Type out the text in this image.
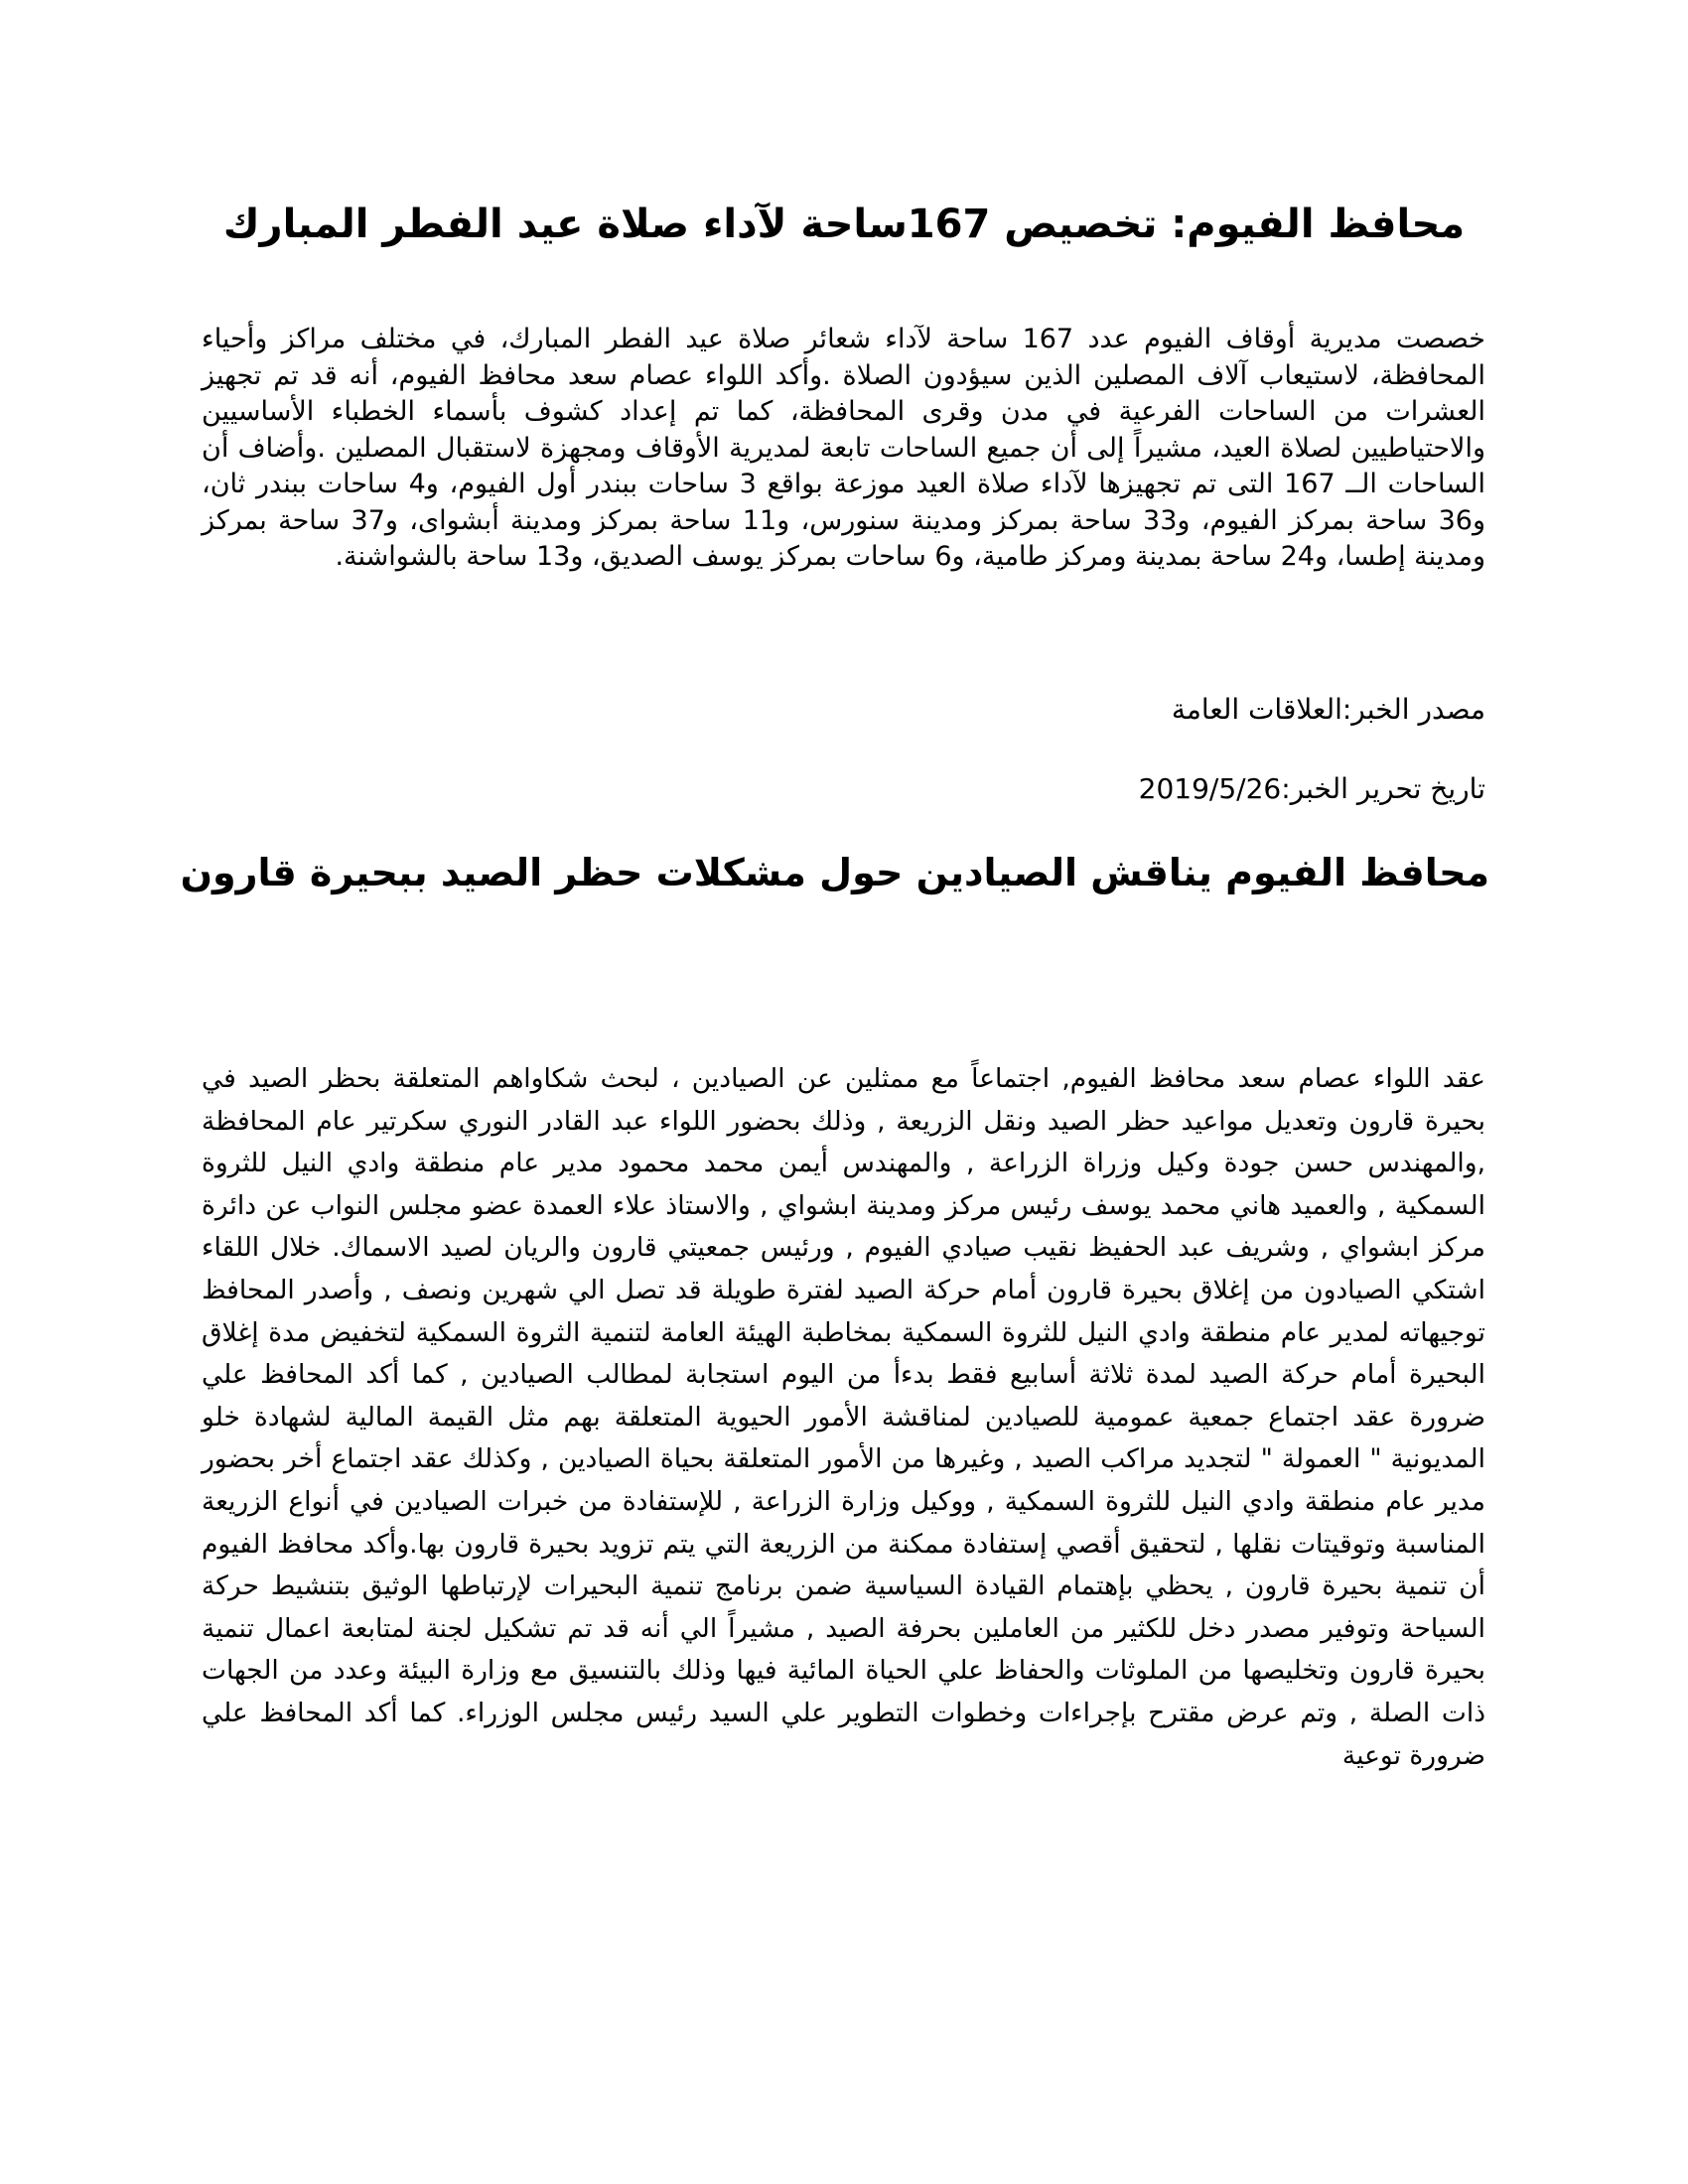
محافظ الفيوم: تخصيص 167ساحة لآداء صلاة عيد الفطر المبارك

خصصت مديرية أوقاف الفيوم عدد 167 ساحة لآداء شعائر صلاة عيد الفطر المبارك، في مختلف مراكز وأحياء المحافظة، لاستيعاب آلاف المصلين الذين سيؤدون الصلاة .وأكد اللواء عصام سعد محافظ الفيوم، أنه قد تم تجهيز العشرات من الساحات الفرعية في مدن وقرى المحافظة، كما تم إعداد كشوف بأسماء الخطباء الأساسيين والاحتياطيين لصلاة العيد، مشيراً إلى أن جميع الساحات تابعة لمديرية الأوقاف ومجهزة لاستقبال المصلين .وأضاف أن الساحات الــ 167 التى تم تجهيزها لآداء صلاة العيد موزعة بواقع 3 ساحات ببندر أول الفيوم، و4 ساحات ببندر ثان، و36 ساحة بمركز الفيوم، و33 ساحة بمركز ومدينة سنورس، و11 ساحة بمركز ومدينة أبشواى، و37 ساحة بمركز ومدينة إطسا، و24 ساحة بمدينة ومركز طامية، و6 ساحات بمركز يوسف الصديق، و13 ساحة بالشواشنة.

مصدر الخبر:العلاقات العامة

تاريخ تحرير الخبر:2019/5/26

محافظ الفيوم يناقش الصيادين حول مشكلات حظر الصيد ببحيرة قارون

عقد اللواء عصام سعد محافظ الفيوم, اجتماعاً مع ممثلين عن الصيادين ، لبحث شكاواهم المتعلقة بحظر الصيد في بحيرة قارون وتعديل مواعيد حظر الصيد ونقل الزريعة , وذلك بحضور اللواء عبد القادر النوري سكرتير عام المحافظة ,والمهندس حسن جودة وكيل وزراة الزراعة , والمهندس أيمن محمد محمود مدير عام منطقة وادي النيل للثروة السمكية , والعميد هاني محمد يوسف رئيس مركز ومدينة ابشواي , والاستاذ علاء العمدة عضو مجلس النواب عن دائرة مركز ابشواي , وشريف عبد الحفيظ نقيب صيادي الفيوم , ورئيس جمعيتي قارون والريان لصيد الاسماك. خلال اللقاء اشتكي الصيادون من إغلاق بحيرة قارون أمام حركة الصيد لفترة طويلة قد تصل الي شهرين ونصف , وأصدر المحافظ توجيهاته لمدير عام منطقة وادي النيل للثروة السمكية بمخاطبة الهيئة العامة لتنمية الثروة السمكية لتخفيض مدة إغلاق البحيرة أمام حركة الصيد لمدة ثلاثة أسابيع فقط بدءأ من اليوم استجابة لمطالب الصيادين , كما أكد المحافظ علي ضرورة عقد اجتماع جمعية عمومية للصيادين لمناقشة الأمور الحيوية المتعلقة بهم مثل القيمة المالية لشهادة خلو المديونية " العمولة " لتجديد مراكب الصيد , وغيرها من الأمور المتعلقة بحياة الصيادين , وكذلك عقد اجتماع أخر بحضور مدير عام منطقة وادي النيل للثروة السمكية , ووكيل وزارة الزراعة , للإستفادة من خبرات الصيادين في أنواع الزريعة المناسبة وتوقيتات نقلها , لتحقيق أقصي إستفادة ممكنة من الزريعة التي يتم تزويد بحيرة قارون بها.وأكد محافظ الفيوم أن تنمية بحيرة قارون , يحظي بإهتمام القيادة السياسية ضمن برنامج تنمية البحيرات لإرتباطها الوثيق بتنشيط حركة السياحة وتوفير مصدر دخل للكثير من العاملين بحرفة الصيد , مشيراً الي أنه قد تم تشكيل لجنة لمتابعة اعمال تنمية بحيرة قارون وتخليصها من الملوثات والحفاظ علي الحياة المائية فيها وذلك بالتنسيق مع وزارة البيئة وعدد من الجهات ذات الصلة , وتم عرض مقترح بإجراءات وخطوات التطوير علي السيد رئيس مجلس الوزراء. كما أكد المحافظ علي ضرورة توعية
